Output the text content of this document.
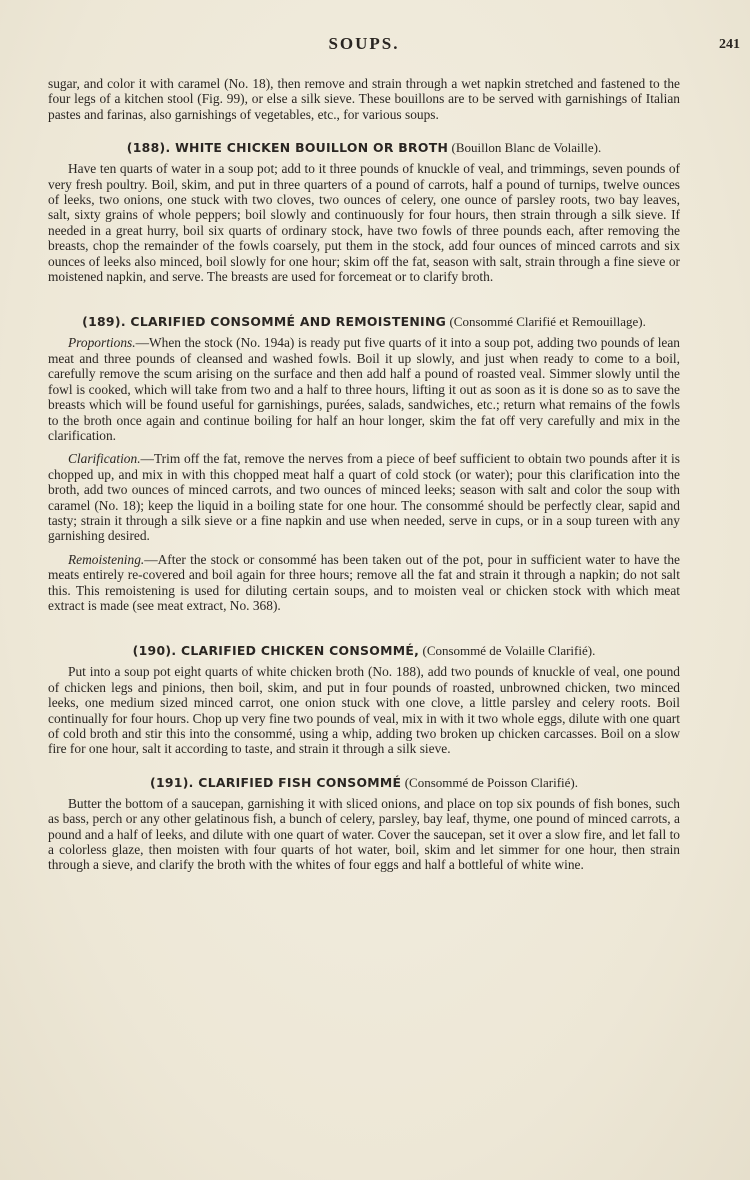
SOUPS.	241

sugar, and color it with caramel (No. 18), then remove and strain through a wet napkin stretched and fastened to the four legs of a kitchen stool (Fig. 99), or else a silk sieve. These bouillons are to be served with garnishings of Italian pastes and farinas, also garnishings of vegetables, etc., for various soups.

(188). WHITE CHICKEN BOUILLON OR BROTH (Bouillon Blanc de Volaille).

Have ten quarts of water in a soup pot; add to it three pounds of knuckle of veal, and trimmings, seven pounds of very fresh poultry. Boil, skim, and put in three quarters of a pound of carrots, half a pound of turnips, twelve ounces of leeks, two onions, one stuck with two cloves, two ounces of celery, one ounce of parsley roots, two bay leaves, salt, sixty grains of whole peppers; boil slowly and continuously for four hours, then strain through a silk sieve. If needed in a great hurry, boil six quarts of ordinary stock, have two fowls of three pounds each, after removing the breasts, chop the remainder of the fowls coarsely, put them in the stock, add four ounces of minced carrots and six ounces of leeks also minced, boil slowly for one hour; skim off the fat, season with salt, strain through a fine sieve or moistened napkin, and serve. The breasts are used for forcemeat or to clarify broth.

(189). CLARIFIED CONSOMMÉ AND REMOISTENING (Consommé Clarifié et Remouillage).

Proportions.—When the stock (No. 194a) is ready put five quarts of it into a soup pot, adding two pounds of lean meat and three pounds of cleansed and washed fowls. Boil it up slowly, and just when ready to come to a boil, carefully remove the scum arising on the surface and then add half a pound of roasted veal. Simmer slowly until the fowl is cooked, which will take from two and a half to three hours, lifting it out as soon as it is done so as to save the breasts which will be found useful for garnishings, purées, salads, sandwiches, etc.; return what remains of the fowls to the broth once again and continue boiling for half an hour longer, skim the fat off very carefully and mix in the clarification.

Clarification.—Trim off the fat, remove the nerves from a piece of beef sufficient to obtain two pounds after it is chopped up, and mix in with this chopped meat half a quart of cold stock (or water); pour this clarification into the broth, add two ounces of minced carrots, and two ounces of minced leeks; season with salt and color the soup with caramel (No. 18); keep the liquid in a boiling state for one hour. The consommé should be perfectly clear, sapid and tasty; strain it through a silk sieve or a fine napkin and use when needed, serve in cups, or in a soup tureen with any garnishing desired.

Remoistening.—After the stock or consommé has been taken out of the pot, pour in sufficient water to have the meats entirely re-covered and boil again for three hours; remove all the fat and strain it through a napkin; do not salt this. This remoistening is used for diluting certain soups, and to moisten veal or chicken stock with which meat extract is made (see meat extract, No. 368).

(190). CLARIFIED CHICKEN CONSOMMÉ, (Consommé de Volaille Clarifié).

Put into a soup pot eight quarts of white chicken broth (No. 188), add two pounds of knuckle of veal, one pound of chicken legs and pinions, then boil, skim, and put in four pounds of roasted, unbrowned chicken, two minced leeks, one medium sized minced carrot, one onion stuck with one clove, a little parsley and celery roots. Boil continually for four hours. Chop up very fine two pounds of veal, mix in with it two whole eggs, dilute with one quart of cold broth and stir this into the consommé, using a whip, adding two broken up chicken carcasses. Boil on a slow fire for one hour, salt it according to taste, and strain it through a silk sieve.

(191). CLARIFIED FISH CONSOMMÉ (Consommé de Poisson Clarifié).

Butter the bottom of a saucepan, garnishing it with sliced onions, and place on top six pounds of fish bones, such as bass, perch or any other gelatinous fish, a bunch of celery, parsley, bay leaf, thyme, one pound of minced carrots, a pound and a half of leeks, and dilute with one quart of water. Cover the saucepan, set it over a slow fire, and let fall to a colorless glaze, then moisten with four quarts of hot water, boil, skim and let simmer for one hour, then strain through a sieve, and clarify the broth with the whites of four eggs and half a bottleful of white wine.
